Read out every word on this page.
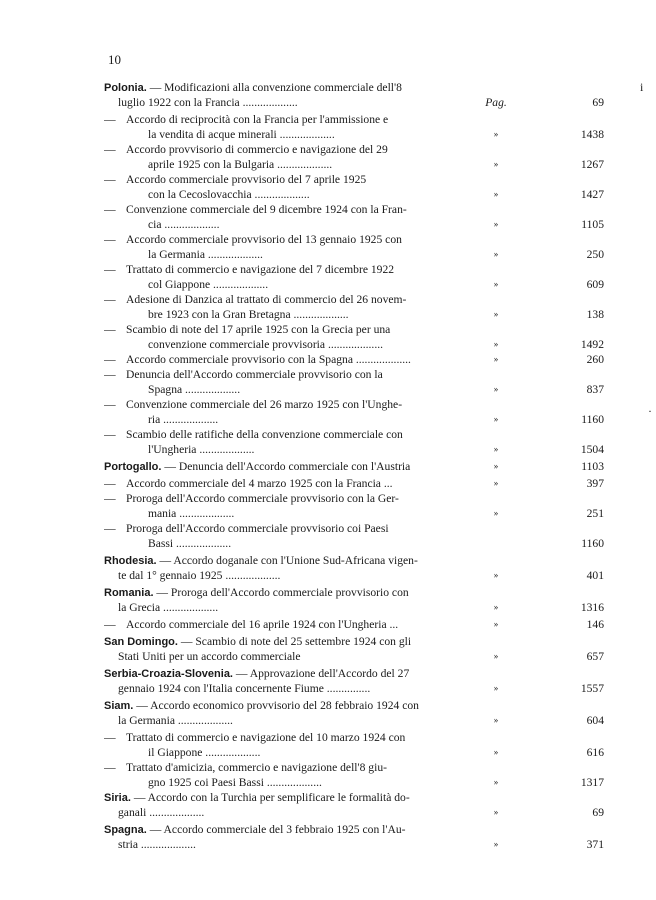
10
Polonia. — Modificazioni alla convenzione commerciale dell'8
luglio 1922 con la Francia ...................	Pag.	69
— Accordo di reciprocità con la Francia per l'ammissione e
la vendita di acque minerali ...................	»	1438
— Accordo provvisorio di commercio e navigazione del 29
aprile 1925 con la Bulgaria ...................	»	1267
— Accordo commerciale provvisorio del 7 aprile 1925
con la Cecoslovacchia ...................	»	1427
— Convenzione commerciale del 9 dicembre 1924 con la Fran-
cia ...................	»	1105
— Accordo commerciale provvisorio del 13 gennaio 1925 con
la Germania ...................	»	250
— Trattato di commercio e navigazione del 7 dicembre 1922
col Giappone ...................	»	609
— Adesione di Danzica al trattato di commercio del 26 novem-
bre 1923 con la Gran Bretagna ...................	»	138
— Scambio di note del 17 aprile 1925 con la Grecia per una
convenzione commerciale provvisoria ...................	»	1492
— Accordo commerciale provvisorio con la Spagna ...................	»	260
— Denuncia dell'Accordo commerciale provvisorio con la
Spagna ...................	»	837
— Convenzione commerciale del 26 marzo 1925 con l'Unghe-
ria ...................	»	1160
— Scambio delle ratifiche della convenzione commerciale con
l'Ungheria ...................	»	1504
Portogallo. — Denuncia dell'Accordo commerciale con l'Austria	»	1103
— Accordo commerciale del 4 marzo 1925 con la Francia ...	»	397
— Proroga dell'Accordo commerciale provvisorio con la Ger-
mania ...................	»	251
— Proroga dell'Accordo commerciale provvisorio coi Paesi
Bassi ...................	1160
Rhodesia. — Accordo doganale con l'Unione Sud-Africana vigen-
te dal 1° gennaio 1925 ...................	»	401
Romania. — Proroga dell'Accordo commerciale provvisorio con
la Grecia ...................	»	1316
— Accordo commerciale del 16 aprile 1924 con l'Ungheria ...	»	146
San Domingo. — Scambio di note del 25 settembre 1924 con gli
Stati Uniti per un accordo commerciale	»	657
Serbia-Croazia-Slovenia. — Approvazione dell'Accordo del 27
gennaio 1924 con l'Italia concernente Fiume ...............	»	1557
Siam. — Accordo economico provvisorio del 28 febbraio 1924 con
la Germania ...................	»	604
— Trattato di commercio e navigazione del 10 marzo 1924 con
il Giappone ...................	»	616
— Trattato d'amicizia, commercio e navigazione dell'8 giu-
gno 1925 coi Paesi Bassi ...................	»	1317
Siria. — Accordo con la Turchia per semplificare le formalità do-
ganali ...................	»	69
Spagna. — Accordo commerciale del 3 febbraio 1925 con l'Au-
stria ...................	»	371
i
·
